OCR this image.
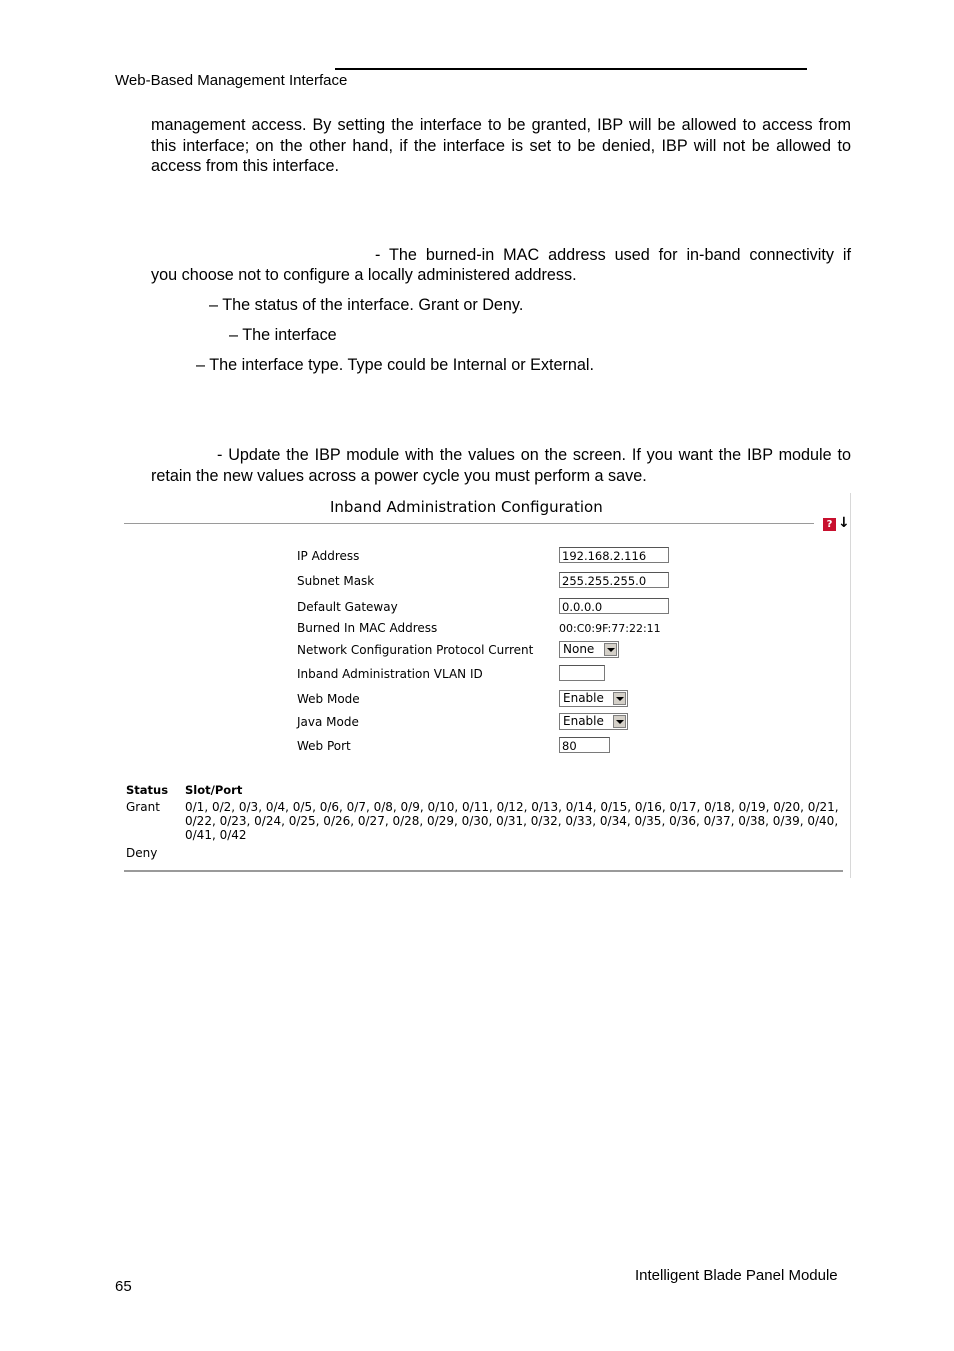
Web-Based Management Interface
management access. By setting the interface to be granted, IBP will be allowed to access from this interface; on the other hand, if the interface is set to be denied, IBP will not be allowed to access from this interface.
- The burned-in MAC address used for in-band connectivity if
you choose not to configure a locally administered address.
– The status of the interface. Grant or Deny.
– The interface
– The interface type. Type could be Internal or External.
- Update the IBP module with the values on the screen. If you want the IBP module to retain the new values across a power cycle you must perform a save.
Inband Administration Configuration
? ↓
IP Address	192.168.2.116
Subnet Mask	255.255.255.0
Default Gateway	0.0.0.0
Burned In MAC Address	00:C0:9F:77:22:11
Network Configuration Protocol Current	None
Inband Administration VLAN ID
Web Mode	Enable
Java Mode	Enable
Web Port	80
Status Slot/Port
Grant 0/1, 0/2, 0/3, 0/4, 0/5, 0/6, 0/7, 0/8, 0/9, 0/10, 0/11, 0/12, 0/13, 0/14, 0/15, 0/16, 0/17, 0/18, 0/19, 0/20, 0/21, 0/22, 0/23, 0/24, 0/25, 0/26, 0/27, 0/28, 0/29, 0/30, 0/31, 0/32, 0/33, 0/34, 0/35, 0/36, 0/37, 0/38, 0/39, 0/40, 0/41, 0/42
Deny
65
Intelligent Blade Panel Module
